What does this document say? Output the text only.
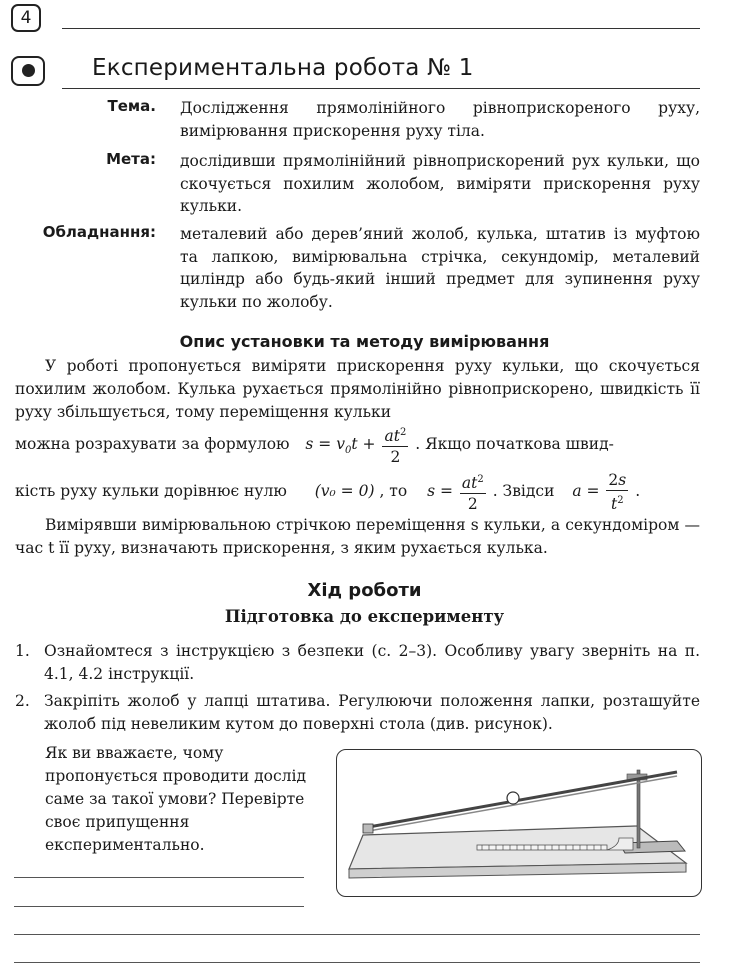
4
Експериментальна робота № 1
Тема. Дослідження прямолінійного рівноприскореного руху, вимірювання прискорення руху тіла.
Мета: дослідивши прямолінійний рівноприскорений рух кульки, що скочується похилим жолобом, виміряти прискорення руху кульки.
Обладнання: металевий або дерев’яний жолоб, кулька, штатив із муфтою та лапкою, вимірювальна стрічка, секундомір, металевий циліндр або будь-який інший предмет для зупинення руху кульки по жолобу.
Опис установки та методу вимірювання
У роботі пропонується виміряти прискорення руху кульки, що скочується похилим жолобом. Кулька рухається прямолінійно рівноприскорено, швидкість її руху збільшується, тому переміщення кульки
можна розрахувати за формулою $s = v_0t + \frac{at^2}{2}$ . Якщо початкова швид-
кість руху кульки дорівнює нулю (v₀ = 0) , то $s = \frac{at^2}{2}$ . Звідси $a = \frac{2s}{t^2}$ .
Вимірявши вимірювальною стрічкою переміщення s кульки, а секундоміром — час t її руху, визначають прискорення, з яким рухається кулька.
Хід роботи
Підготовка до експерименту
1. Ознайомтеся з інструкцією з безпеки (с. 2–3). Особливу увагу зверніть на п. 4.1, 4.2 інструкції.
2. Закріпіть жолоб у лапці штатива. Регулюючи положення лапки, розташуйте жолоб під невеликим кутом до поверхні стола (див. рисунок).
Як ви вважаєте, чому пропонується проводити дослід саме за такої умови? Перевірте своє припущення експериментально.
